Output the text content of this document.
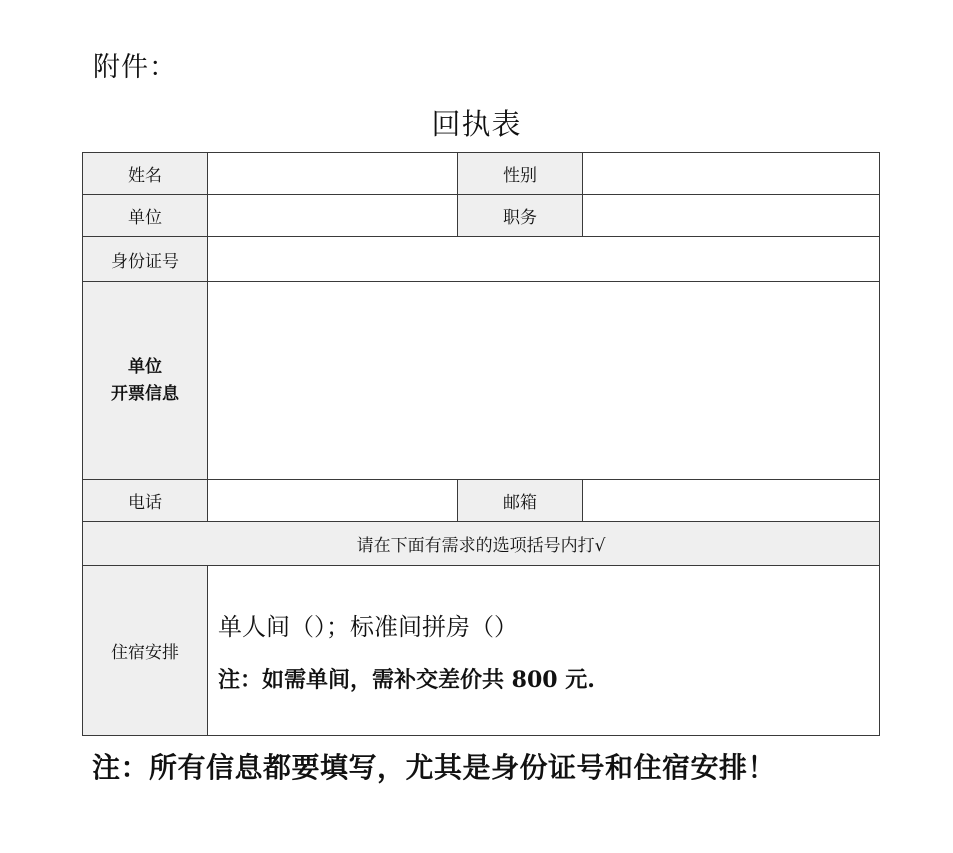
附件：
回执表
姓名		性别	
单位		职务	
身份证号			

单位
开票信息			

电话		邮箱	
请在下面有需求的选项括号内打√			
住宿安排	单人间（）；标准间拼房（）
注：如需单间，需补交差价共 800 元.		
注：所有信息都要填写，尤其是身份证号和住宿安排！
